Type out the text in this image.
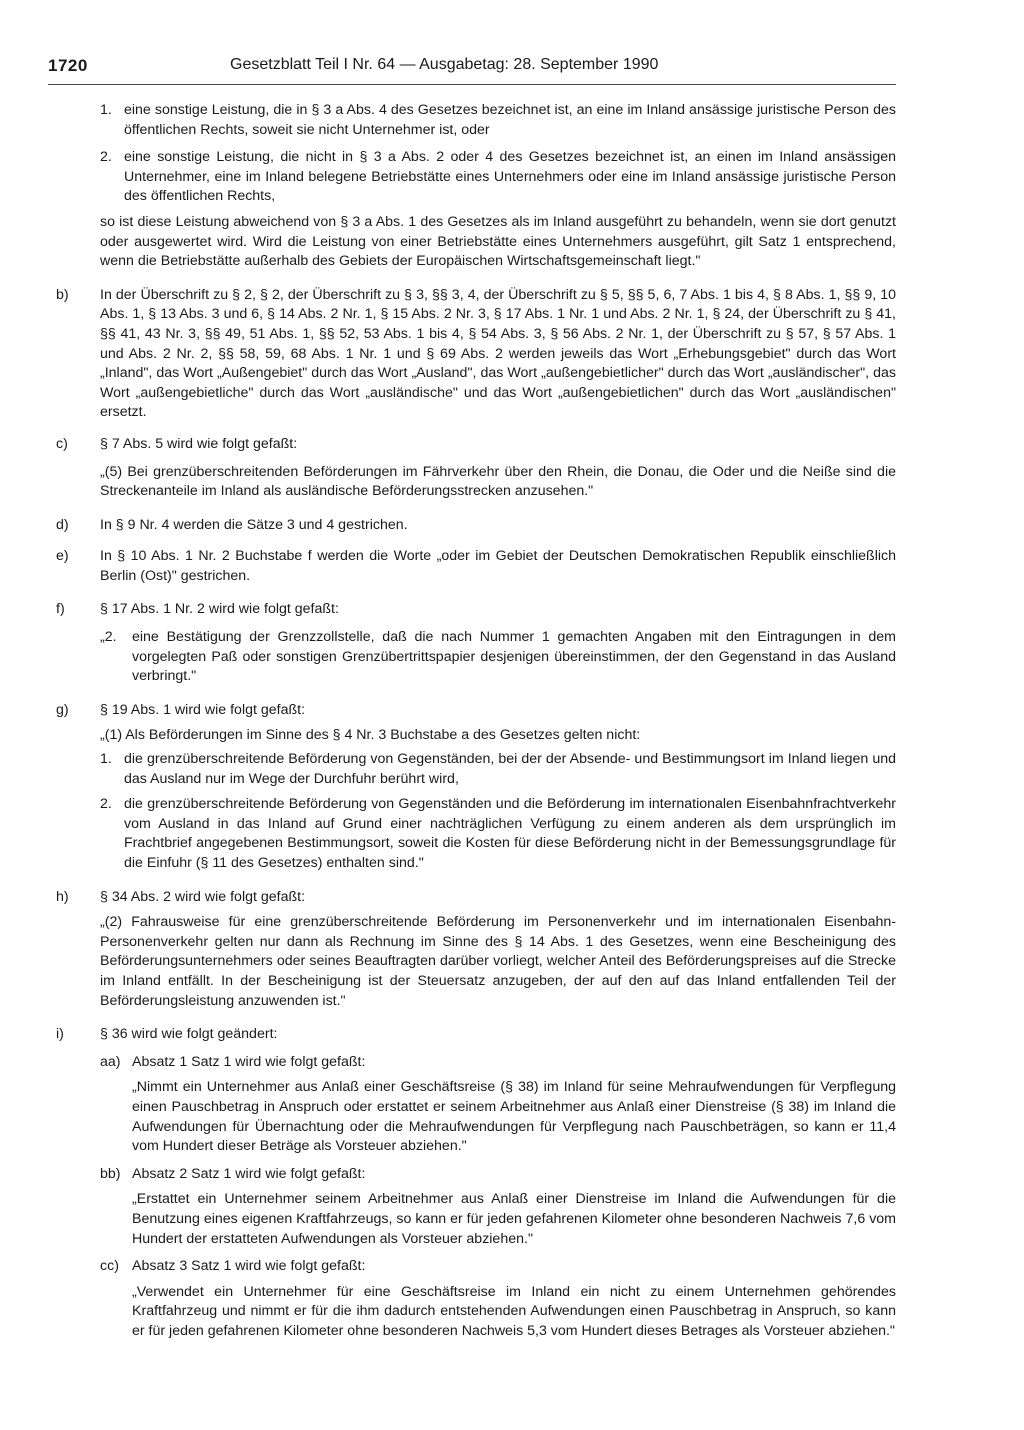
1720	Gesetzblatt Teil I Nr. 64 — Ausgabetag: 28. September 1990
1. eine sonstige Leistung, die in § 3 a Abs. 4 des Gesetzes bezeichnet ist, an eine im Inland ansässige juristische Person des öffentlichen Rechts, soweit sie nicht Unternehmer ist, oder
2. eine sonstige Leistung, die nicht in § 3 a Abs. 2 oder 4 des Gesetzes bezeichnet ist, an einen im Inland ansässigen Unternehmer, eine im Inland belegene Betriebstätte eines Unternehmers oder eine im Inland ansässige juristische Person des öffentlichen Rechts,
so ist diese Leistung abweichend von § 3 a Abs. 1 des Gesetzes als im Inland ausgeführt zu behandeln, wenn sie dort genutzt oder ausgewertet wird. Wird die Leistung von einer Betriebstätte eines Unternehmers ausgeführt, gilt Satz 1 entsprechend, wenn die Betriebstätte außerhalb des Gebiets der Europäischen Wirtschaftsgemeinschaft liegt."
b)	In der Überschrift zu § 2, § 2, der Überschrift zu § 3, §§ 3, 4, der Überschrift zu § 5, §§ 5, 6, 7 Abs. 1 bis 4, § 8 Abs. 1, §§ 9, 10 Abs. 1, § 13 Abs. 3 und 6, § 14 Abs. 2 Nr. 1, § 15 Abs. 2 Nr. 3, § 17 Abs. 1 Nr. 1 und Abs. 2 Nr. 1, § 24, der Überschrift zu § 41, §§ 41, 43 Nr. 3, §§ 49, 51 Abs. 1, §§ 52, 53 Abs. 1 bis 4, § 54 Abs. 3, § 56 Abs. 2 Nr. 1, der Überschrift zu § 57, § 57 Abs. 1 und Abs. 2 Nr. 2, §§ 58, 59, 68 Abs. 1 Nr. 1 und § 69 Abs. 2 werden jeweils das Wort „Erhebungsgebiet" durch das Wort „Inland", das Wort „Außengebiet" durch das Wort „Ausland", das Wort „außengebietlicher" durch das Wort „ausländischer", das Wort „außengebietliche" durch das Wort „ausländische" und das Wort „außengebietlichen" durch das Wort „ausländischen" ersetzt.
c)	§ 7 Abs. 5 wird wie folgt gefaßt:
„(5) Bei grenzüberschreitenden Beförderungen im Fährverkehr über den Rhein, die Donau, die Oder und die Neiße sind die Streckenanteile im Inland als ausländische Beförderungsstrecken anzusehen."
d)	In § 9 Nr. 4 werden die Sätze 3 und 4 gestrichen.
e)	In § 10 Abs. 1 Nr. 2 Buchstabe f werden die Worte „oder im Gebiet der Deutschen Demokratischen Republik einschließlich Berlin (Ost)" gestrichen.
f)	§ 17 Abs. 1 Nr. 2 wird wie folgt gefaßt:
„2.	eine Bestätigung der Grenzzollstelle, daß die nach Nummer 1 gemachten Angaben mit den Eintragungen in dem vorgelegten Paß oder sonstigen Grenzübertrittspapier desjenigen übereinstimmen, der den Gegenstand in das Ausland verbringt."
g)	§ 19 Abs. 1 wird wie folgt gefaßt:
„(1) Als Beförderungen im Sinne des § 4 Nr. 3 Buchstabe a des Gesetzes gelten nicht:
1. die grenzüberschreitende Beförderung von Gegenständen, bei der der Absende- und Bestimmungsort im Inland liegen und das Ausland nur im Wege der Durchfuhr berührt wird,
2. die grenzüberschreitende Beförderung von Gegenständen und die Beförderung im internationalen Eisenbahnfrachtverkehr vom Ausland in das Inland auf Grund einer nachträglichen Verfügung zu einem anderen als dem ursprünglich im Frachtbrief angegebenen Bestimmungsort, soweit die Kosten für diese Beförderung nicht in der Bemessungsgrundlage für die Einfuhr (§ 11 des Gesetzes) enthalten sind."
h)	§ 34 Abs. 2 wird wie folgt gefaßt:
„(2) Fahrausweise für eine grenzüberschreitende Beförderung im Personenverkehr und im internationalen Eisenbahn-Personenverkehr gelten nur dann als Rechnung im Sinne des § 14 Abs. 1 des Gesetzes, wenn eine Bescheinigung des Beförderungsunternehmers oder seines Beauftragten darüber vorliegt, welcher Anteil des Beförderungspreises auf die Strecke im Inland entfällt. In der Bescheinigung ist der Steuersatz anzugeben, der auf den auf das Inland entfallenden Teil der Beförderungsleistung anzuwenden ist."
i)	§ 36 wird wie folgt geändert:
aa) Absatz 1 Satz 1 wird wie folgt gefaßt:
„Nimmt ein Unternehmer aus Anlaß einer Geschäftsreise (§ 38) im Inland für seine Mehraufwendungen für Verpflegung einen Pauschbetrag in Anspruch oder erstattet er seinem Arbeitnehmer aus Anlaß einer Dienstreise (§ 38) im Inland die Aufwendungen für Übernachtung oder die Mehraufwendungen für Verpflegung nach Pauschbeträgen, so kann er 11,4 vom Hundert dieser Beträge als Vorsteuer abziehen."
bb) Absatz 2 Satz 1 wird wie folgt gefaßt:
„Erstattet ein Unternehmer seinem Arbeitnehmer aus Anlaß einer Dienstreise im Inland die Aufwendungen für die Benutzung eines eigenen Kraftfahrzeugs, so kann er für jeden gefahrenen Kilometer ohne besonderen Nachweis 7,6 vom Hundert der erstatteten Aufwendungen als Vorsteuer abziehen."
cc) Absatz 3 Satz 1 wird wie folgt gefaßt:
„Verwendet ein Unternehmer für eine Geschäftsreise im Inland ein nicht zu einem Unternehmen gehörendes Kraftfahrzeug und nimmt er für die ihm dadurch entstehenden Aufwendungen einen Pauschbetrag in Anspruch, so kann er für jeden gefahrenen Kilometer ohne besonderen Nachweis 5,3 vom Hundert dieses Betrages als Vorsteuer abziehen."
